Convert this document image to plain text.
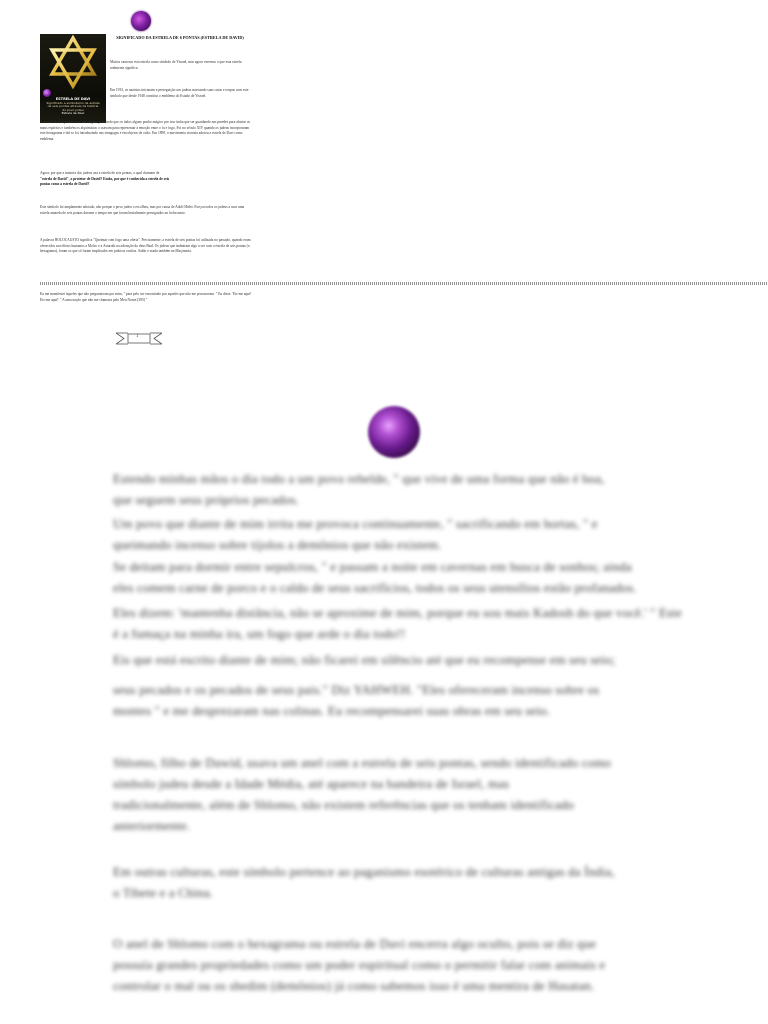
ESTRELA DE DAVI
Significado e simbolismo da estrela
de seis pontas através da história
do povo judeu
Estrela de Davi
SIGNIFICADO DA ESTRELA DE 6 PONTAS (ESTRELA DE DAVID)
Muitos cantoras esta estrela como símbolo de Yisrael, mas agora veremos o que esta estrela realmente significa.
Em 1933, os nazistas iniciaram a perseguição aos judeus marcando suas casas e roupas com este símbolo que desde 1948 constitui o emblema do Estado de Yisrael.
A estrela de seis pontas teve sua origem possuindo que os italos alguns ponho mágico por isso tinha que ser guardando nas paredes para afastar os maus espíritos e também os alquimistas o usavam para representar a emoção entre o fu e fogo. Foi no século XIV quando os judeus incorporaram este hexagrama e daí se foi introduzindo nas sinagogas e em objetos de culto. Em 1890, o movimento sionista adotou a estrela de Davi como emblema.
Agora, por que a maioria dos judeus usa a estrela de seis pontas, a qual chamam de
"estrela de David", o protetor de David? Então, por que é conhecida a estrela de seis
pontas como a estrela de David?
Este símbolo foi amplamente adotado, não porque o povo judeu o escolheu, mas por causa de Adolf Hitler. Forçou todos os judeus a usar uma estrela amarela de seis pontas durante o tempo em que foram brutalmente perseguidos no holocausto.
A palavra HOLOCAUSTO significa "Queimar com fogo uma oferta". Precisamente, a estrela de seis pontas foi utilizada no passado, quando eram oferecidos sacrifícios humanos a Moloc e a Astaroth na adoração do deus Baal. Os judeus que imbuíram algo a ver com a estrela de seis pontas (o hexagrama), foram os que só foram implicados em práticas ocultas. Saldo e usada também na Maçonaria.
Eu me manifestei àqueles que não perguntavam por mim, " para pelo ser encontrado por aqueles que não me procuravam. " Eu disse: 'Eis-me aqui! Eis-me aqui!' " A uma nação que não me chamava pelo Meu Nome.[385] "
1
Estendo minhas mãos o dia todo a um povo rebelde, " que vive de uma forma que não é boa,
que seguem seus próprios pecados.
Um povo que diante de mim irrita me provoca continuamente, " sacrificando em hortas, " e
queimando incenso sobre tijolos a demônios que não existem.
Se deitam para dormir entre sepulcros, " e passam a noite em cavernas em busca de sonhos; ainda
eles comem carne de porco e o caldo de seus sacrifícios, todos os seus utensílios estão profanados.
Eles dizem: 'mantenha distância, não se aproxime de mim, porque eu sou mais Kadosh do que você.' " Este
é a fumaça na minha ira, um fogo que arde o dia todo!!
Eis que está escrito diante de mim; não ficarei em silêncio até que eu recompense em seu seio;
seus pecados e os pecados de seus pais." Diz YAHWEH. "Eles ofereceram incenso sobre os
montes " e me desprezaram nas colinas. Eu recompensarei suas obras em seu seio.
Shlomo, filho de Dawid, usava um anel com a estrela de seis pontas, sendo identificado como
símbolo judeu desde a Idade Média, até aparece na bandeira de Israel, mas
tradicionalmente, além de Shlomo, não existem referências que os tenham identificado
anteriormente.
Em outras culturas, este símbolo pertence ao paganismo esotérico de culturas antigas da Índia,
o Tibete e a China.
O anel de Shlomo com o hexagrama ou estrela de Davi encerra algo oculto, pois se diz que
possuía grandes propriedades como um poder espiritual como o permitir falar com animais e
controlar o mal ou os shedim (demônios) já como sabemos isso é uma mentira de Hasatan.
